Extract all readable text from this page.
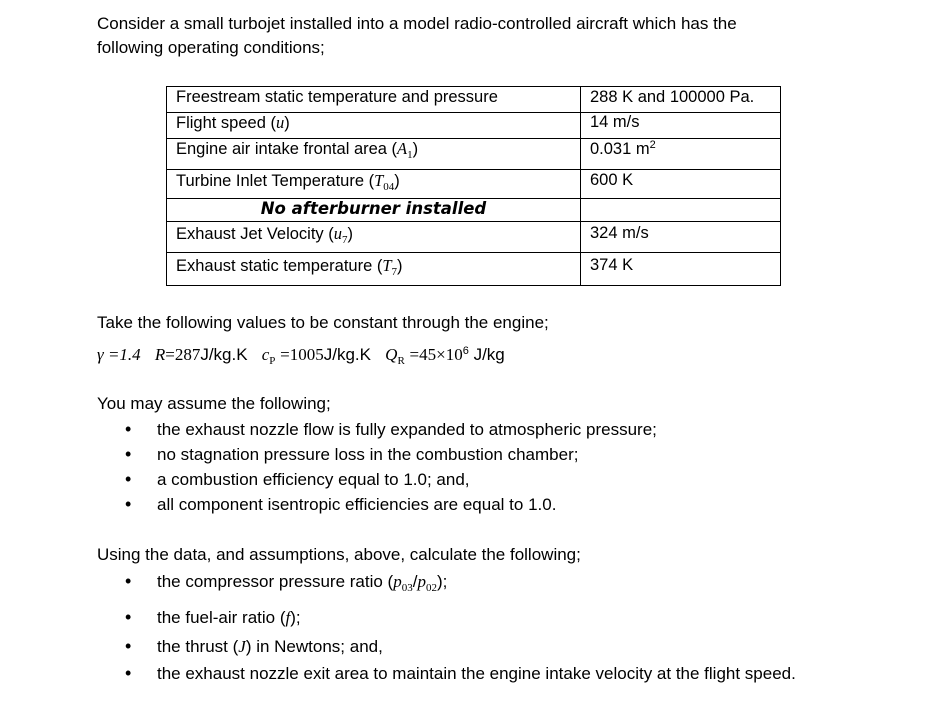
Consider a small turbojet installed into a model radio-controlled aircraft which has the
following operating conditions;
Freestream static temperature and pressure	288 K and 100000 Pa.
Flight speed (u)	14 m/s
Engine air intake frontal area $(A_1)$	0.031 $m^2$
Turbine Inlet Temperature $(T_{04})$	600 K
No afterburner installed	
Exhaust Jet Velocity $(u_7)$	324 m/s
Exhaust static temperature $(T_7)$	374 K
Take the following values to be constant through the engine;
γ =1.4 R=287J/kg.K $c_P =1005J/kg.K$ $Q_R =45\times 10^6$ J/kg
You may assume the following;
• the exhaust nozzle flow is fully expanded to atmospheric pressure;
• no stagnation pressure loss in the combustion chamber;
• a combustion efficiency equal to 1.0; and,
• all component isentropic efficiencies are equal to 1.0.
Using the data, and assumptions, above, calculate the following;
• the compressor pressure ratio $(p_{03}/p_{02})$;
• the fuel-air ratio (f);
• the thrust (J) in Newtons; and,
• the exhaust nozzle exit area to maintain the engine intake velocity at the flight speed.
